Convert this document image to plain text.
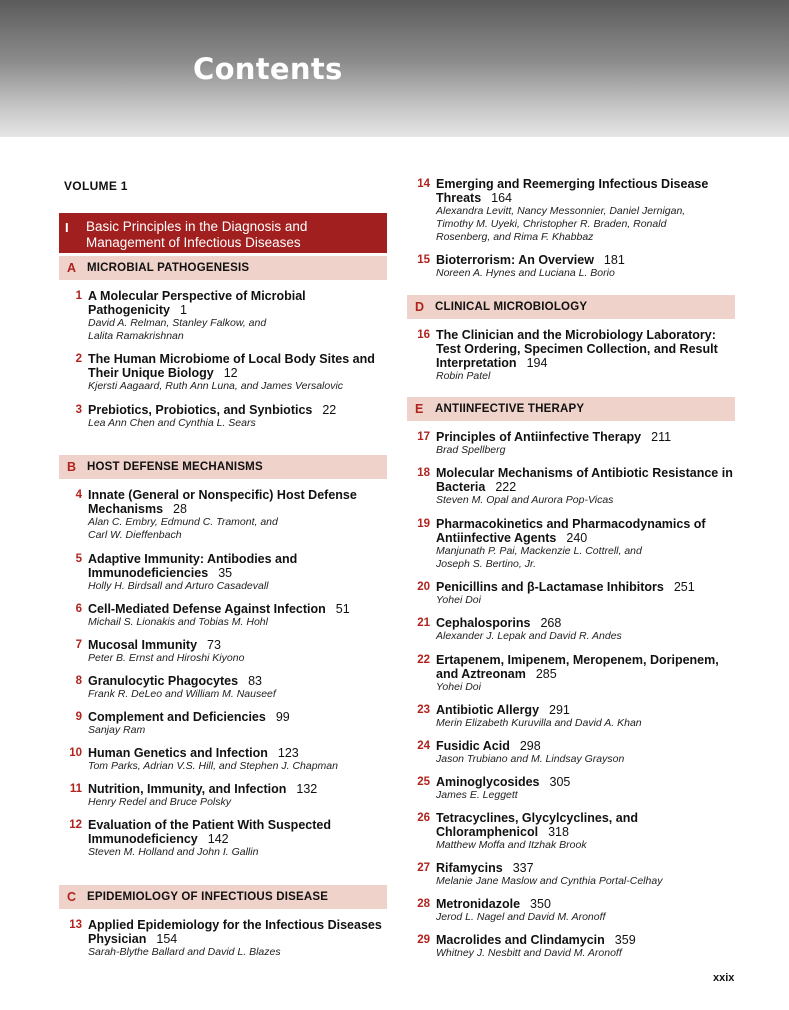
Contents
VOLUME 1
I Basic Principles in the Diagnosis and Management of Infectious Diseases
A MICROBIAL PATHOGENESIS
B HOST DEFENSE MECHANISMS
C EPIDEMIOLOGY OF INFECTIOUS DISEASE
D CLINICAL MICROBIOLOGY
E ANTIINFECTIVE THERAPY
1 A Molecular Perspective of Microbial Pathogenicity 1
David A. Relman, Stanley Falkow, and Lalita Ramakrishnan
2 The Human Microbiome of Local Body Sites and Their Unique Biology 12
Kjersti Aagaard, Ruth Ann Luna, and James Versalovic
3 Prebiotics, Probiotics, and Synbiotics 22
Lea Ann Chen and Cynthia L. Sears
4 Innate (General or Nonspecific) Host Defense Mechanisms 28
Alan C. Embry, Edmund C. Tramont, and Carl W. Dieffenbach
5 Adaptive Immunity: Antibodies and Immunodeficiencies 35
Holly H. Birdsall and Arturo Casadevall
6 Cell-Mediated Defense Against Infection 51
Michail S. Lionakis and Tobias M. Hohl
7 Mucosal Immunity 73
Peter B. Ernst and Hiroshi Kiyono
8 Granulocytic Phagocytes 83
Frank R. DeLeo and William M. Nauseef
9 Complement and Deficiencies 99
Sanjay Ram
10 Human Genetics and Infection 123
Tom Parks, Adrian V.S. Hill, and Stephen J. Chapman
11 Nutrition, Immunity, and Infection 132
Henry Redel and Bruce Polsky
12 Evaluation of the Patient With Suspected Immunodeficiency 142
Steven M. Holland and John I. Gallin
13 Applied Epidemiology for the Infectious Diseases Physician 154
Sarah-Blythe Ballard and David L. Blazes
14 Emerging and Reemerging Infectious Disease Threats 164
Alexandra Levitt, Nancy Messonnier, Daniel Jernigan, Timothy M. Uyeki, Christopher R. Braden, Ronald Rosenberg, and Rima F. Khabbaz
15 Bioterrorism: An Overview 181
Noreen A. Hynes and Luciana L. Borio
16 The Clinician and the Microbiology Laboratory: Test Ordering, Specimen Collection, and Result Interpretation 194
Robin Patel
17 Principles of Antiinfective Therapy 211
Brad Spellberg
18 Molecular Mechanisms of Antibiotic Resistance in Bacteria 222
Steven M. Opal and Aurora Pop-Vicas
19 Pharmacokinetics and Pharmacodynamics of Antiinfective Agents 240
Manjunath P. Pai, Mackenzie L. Cottrell, and Joseph S. Bertino, Jr.
20 Penicillins and β-Lactamase Inhibitors 251
Yohei Doi
21 Cephalosporins 268
Alexander J. Lepak and David R. Andes
22 Ertapenem, Imipenem, Meropenem, Doripenem, and Aztreonam 285
Yohei Doi
23 Antibiotic Allergy 291
Merin Elizabeth Kuruvilla and David A. Khan
24 Fusidic Acid 298
Jason Trubiano and M. Lindsay Grayson
25 Aminoglycosides 305
James E. Leggett
26 Tetracyclines, Glycylcyclines, and Chloramphenicol 318
Matthew Moffa and Itzhak Brook
27 Rifamycins 337
Melanie Jane Maslow and Cynthia Portal-Celhay
28 Metronidazole 350
Jerod L. Nagel and David M. Aronoff
29 Macrolides and Clindamycin 359
Whitney J. Nesbitt and David M. Aronoff
xxix
